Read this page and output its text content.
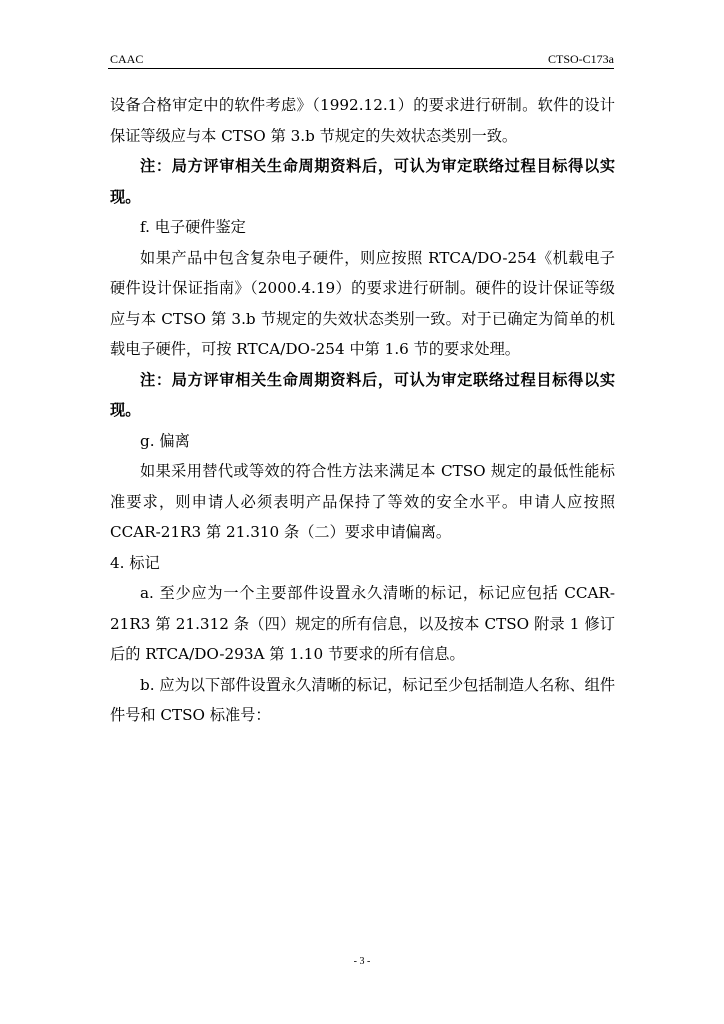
CAAC	CTSO-C173a

设备合格审定中的软件考虑》（1992.12.1）的要求进行研制。软件的设计保证等级应与本 CTSO 第 3.b 节规定的失效状态类别一致。

注：局方评审相关生命周期资料后，可认为审定联络过程目标得以实现。

f. 电子硬件鉴定

如果产品中包含复杂电子硬件，则应按照 RTCA/DO-254《机载电子硬件设计保证指南》（2000.4.19）的要求进行研制。硬件的设计保证等级应与本 CTSO 第 3.b 节规定的失效状态类别一致。对于已确定为简单的机载电子硬件，可按 RTCA/DO-254 中第 1.6 节的要求处理。

注：局方评审相关生命周期资料后，可认为审定联络过程目标得以实现。

g. 偏离

如果采用替代或等效的符合性方法来满足本 CTSO 规定的最低性能标准要求，则申请人必须表明产品保持了等效的安全水平。申请人应按照 CCAR-21R3 第 21.310 条（二）要求申请偏离。

4. 标记

a. 至少应为一个主要部件设置永久清晰的标记，标记应包括 CCAR-21R3 第 21.312 条（四）规定的所有信息，以及按本 CTSO 附录 1 修订后的 RTCA/DO-293A 第 1.10 节要求的所有信息。

b. 应为以下部件设置永久清晰的标记，标记至少包括制造人名称、组件件号和 CTSO 标准号：

- 3 -
